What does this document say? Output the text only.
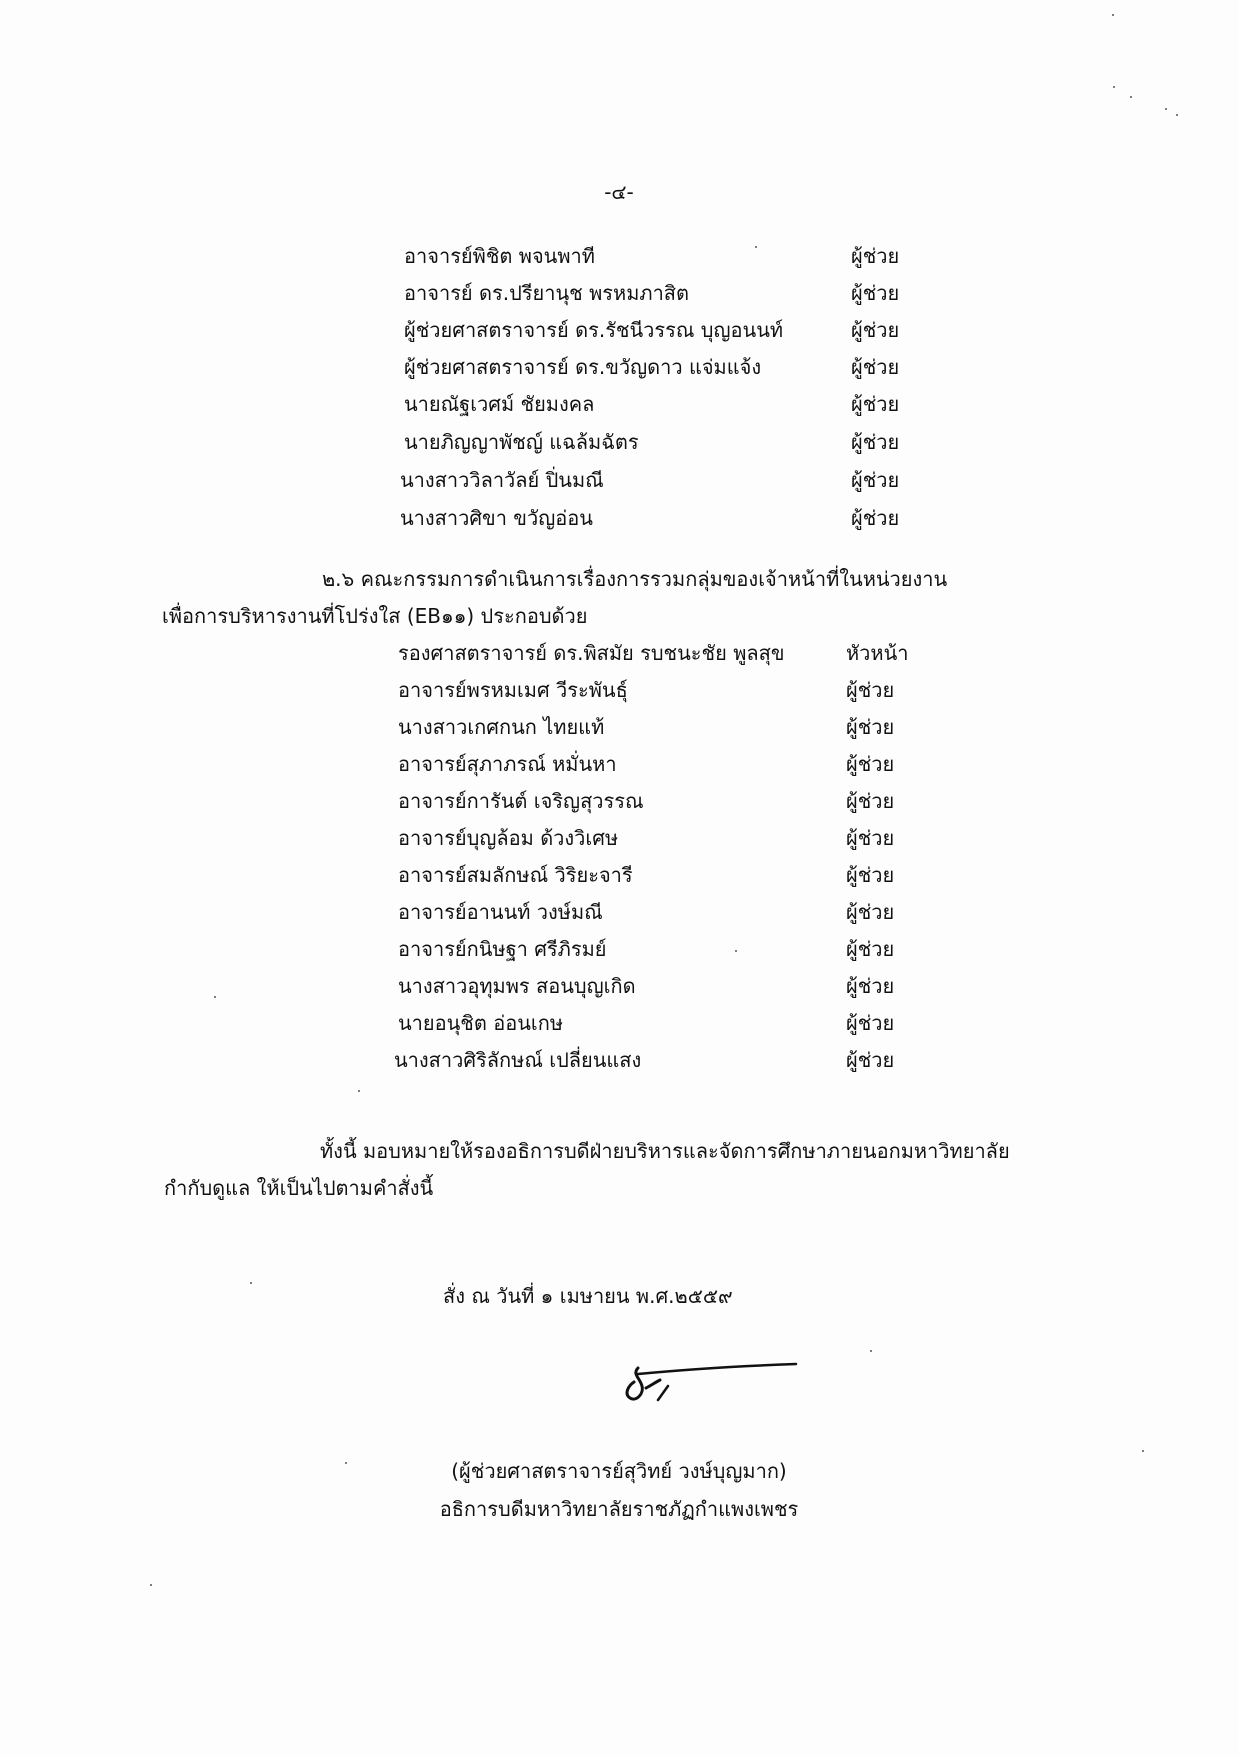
-๔-
อาจารย์พิชิต พจนพาที	ผู้ช่วย
อาจารย์ ดร.ปรียานุช พรหมภาสิต	ผู้ช่วย
ผู้ช่วยศาสตราจารย์ ดร.รัชนีวรรณ บุญอนนท์	ผู้ช่วย
ผู้ช่วยศาสตราจารย์ ดร.ขวัญดาว แจ่มแจ้ง	ผู้ช่วย
นายณัฐเวศม์ ชัยมงคล	ผู้ช่วย
นายภิญญาพัชญ์ แฉล้มฉัตร	ผู้ช่วย
นางสาววิลาวัลย์ ปิ่นมณี	ผู้ช่วย
นางสาวศิขา ขวัญอ่อน	ผู้ช่วย
๒.๖ คณะกรรมการดำเนินการเรื่องการรวมกลุ่มของเจ้าหน้าที่ในหน่วยงาน
เพื่อการบริหารงานที่โปร่งใส (EB๑๑) ประกอบด้วย
รองศาสตราจารย์ ดร.พิสมัย รบชนะชัย พูลสุข	หัวหน้า
อาจารย์พรหมเมศ วีระพันธุ์	ผู้ช่วย
นางสาวเกศกนก ไทยแท้	ผู้ช่วย
อาจารย์สุภาภรณ์ หมั่นหา	ผู้ช่วย
อาจารย์การันต์ เจริญสุวรรณ	ผู้ช่วย
อาจารย์บุญล้อม ด้วงวิเศษ	ผู้ช่วย
อาจารย์สมลักษณ์ วิริยะจารี	ผู้ช่วย
อาจารย์อานนท์ วงษ์มณี	ผู้ช่วย
อาจารย์กนิษฐา ศรีภิรมย์	ผู้ช่วย
นางสาวอุทุมพร สอนบุญเกิด	ผู้ช่วย
นายอนุชิต อ่อนเกษ	ผู้ช่วย
นางสาวศิริลักษณ์ เปลี่ยนแสง	ผู้ช่วย
ทั้งนี้ มอบหมายให้รองอธิการบดีฝ่ายบริหารและจัดการศึกษาภายนอกมหาวิทยาลัย
กำกับดูแล ให้เป็นไปตามคำสั่งนี้
สั่ง ณ วันที่ ๑ เมษายน พ.ศ.๒๕๕๙
(ผู้ช่วยศาสตราจารย์สุวิทย์ วงษ์บุญมาก)
อธิการบดีมหาวิทยาลัยราชภัฏกำแพงเพชร
